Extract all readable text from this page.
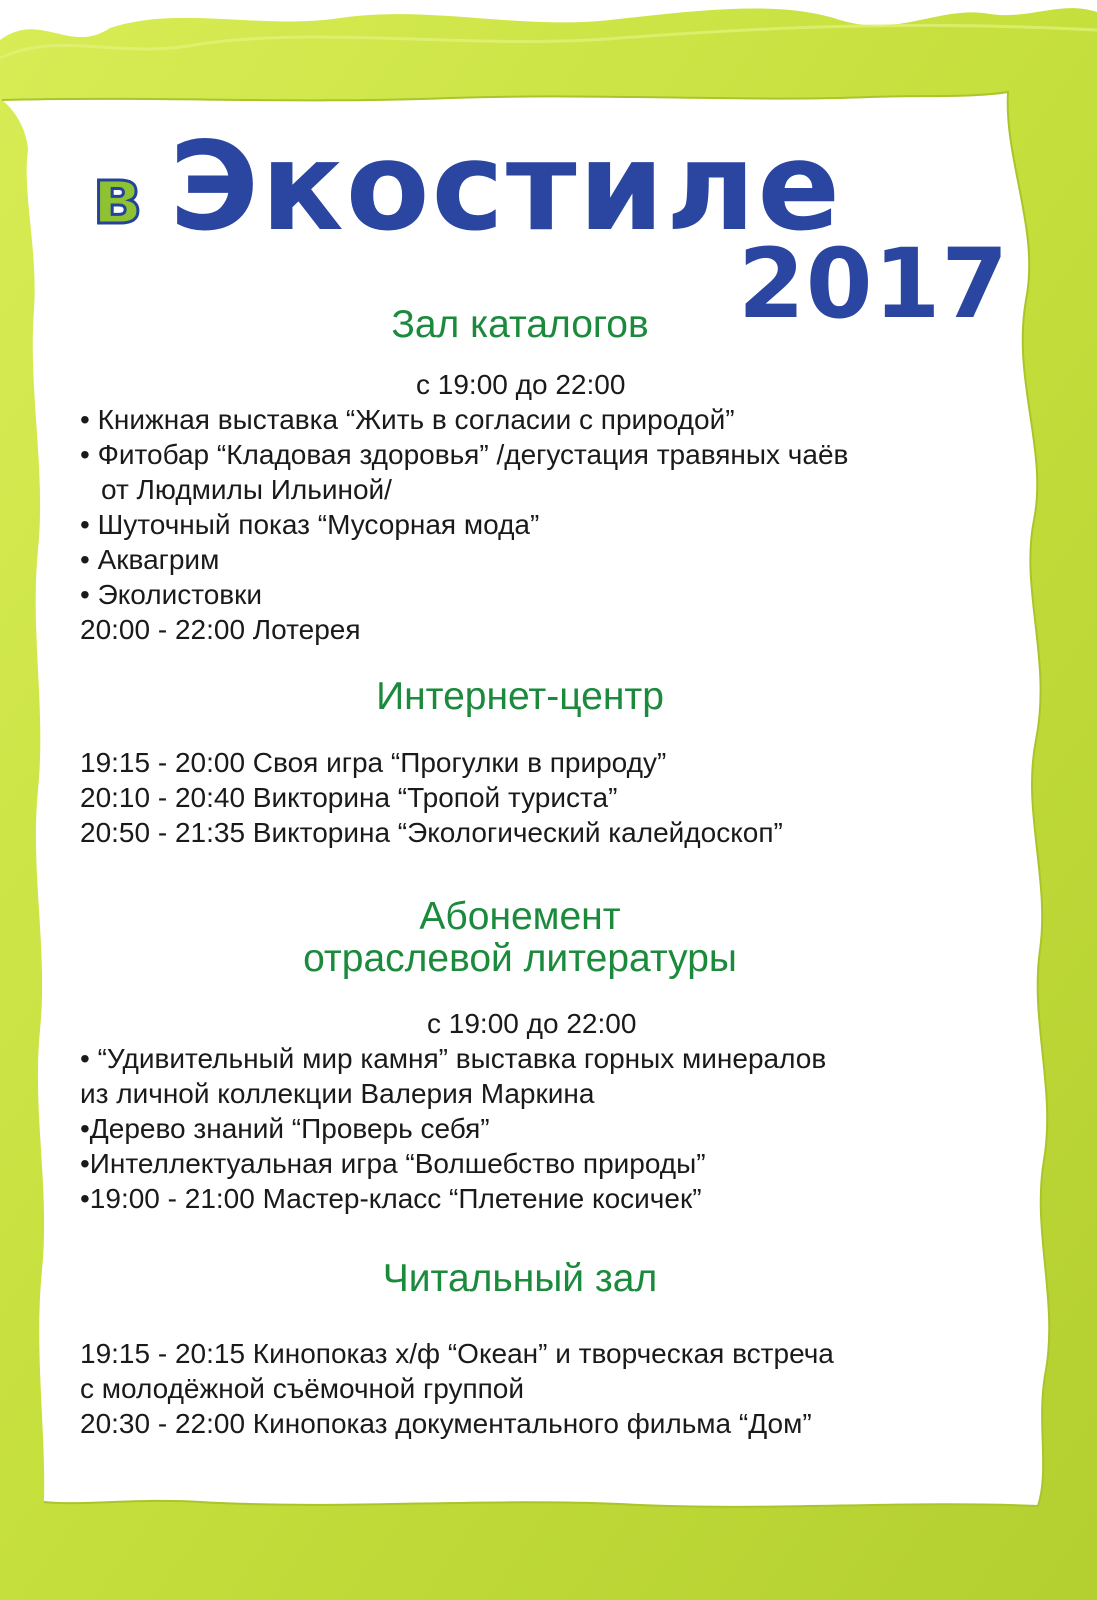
в Экостиле
2017
Зал каталогов
с 19:00 до 22:00
• Книжная выставка “Жить в согласии с природой”
• Фитобар “Кладовая здоровья” /дегустация травяных чаёв
от Людмилы Ильиной/
• Шуточный показ “Мусорная мода”
• Аквагрим
• Эколистовки
20:00 - 22:00 Лотерея
Интернет-центр
19:15 - 20:00 Своя игра “Прогулки в природу”
20:10 - 20:40 Викторина “Тропой туриста”
20:50 - 21:35 Викторина “Экологический калейдоскоп”
Абонемент
отраслевой литературы
с 19:00 до 22:00
• “Удивительный мир камня” выставка горных минералов
из личной коллекции Валерия Маркина
•Дерево знаний “Проверь себя”
•Интеллектуальная игра “Волшебство природы”
•19:00 - 21:00 Мастер-класс “Плетение косичек”
Читальный зал
19:15 - 20:15 Кинопоказ х/ф “Океан” и творческая встреча
с молодёжной съёмочной группой
20:30 - 22:00 Кинопоказ документального фильма “Дом”
